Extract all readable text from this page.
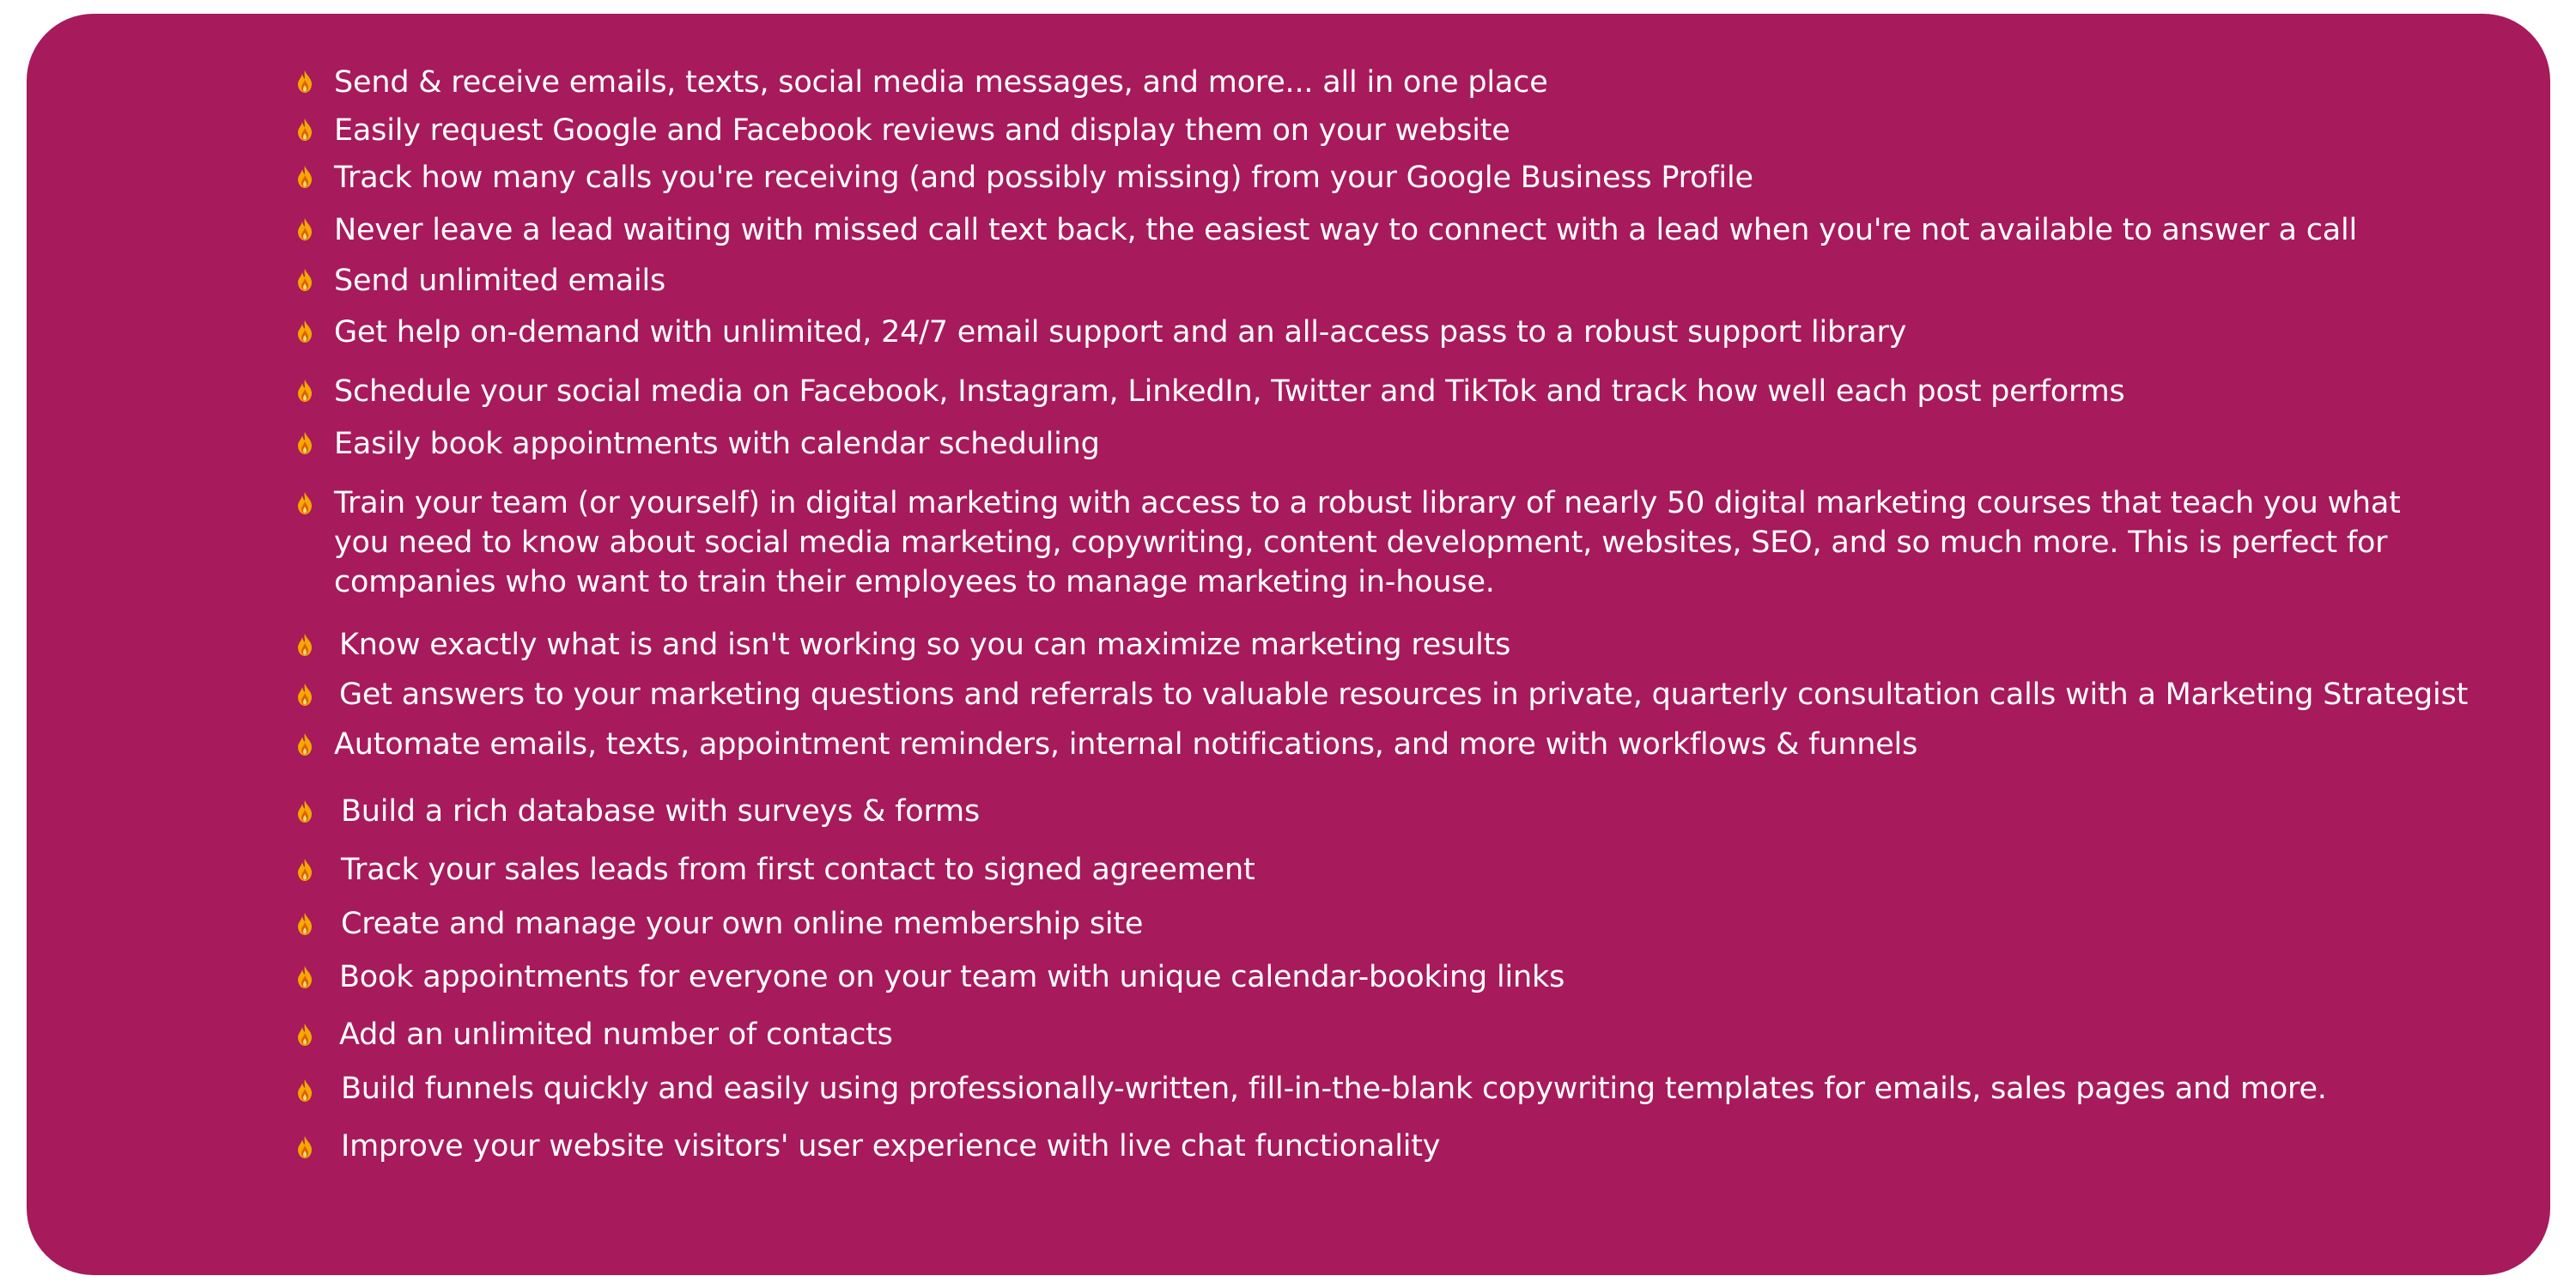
Send & receive emails, texts, social media messages, and more... all in one place
Easily request Google and Facebook reviews and display them on your website
Track how many calls you're receiving (and possibly missing) from your Google Business Profile
Never leave a lead waiting with missed call text back, the easiest way to connect with a lead when you're not available to answer a call
Send unlimited emails
Get help on-demand with unlimited, 24/7 email support and an all-access pass to a robust support library
Schedule your social media on Facebook, Instagram, LinkedIn, Twitter and TikTok and track how well each post performs
Easily book appointments with calendar scheduling
Train your team (or yourself) in digital marketing with access to a robust library of nearly 50 digital marketing courses that teach you what you need to know about social media marketing, copywriting, content development, websites, SEO, and so much more. This is perfect for companies who want to train their employees to manage marketing in-house.
Know exactly what is and isn't working so you can maximize marketing results
Get answers to your marketing questions and referrals to valuable resources in private, quarterly consultation calls with a Marketing Strategist
Automate emails, texts, appointment reminders, internal notifications, and more with workflows & funnels
Build a rich database with surveys & forms
Track your sales leads from first contact to signed agreement
Create and manage your own online membership site
Book appointments for everyone on your team with unique calendar-booking links
Add an unlimited number of contacts
Build funnels quickly and easily using professionally-written, fill-in-the-blank copywriting templates for emails, sales pages and more.
Improve your website visitors' user experience with live chat functionality
